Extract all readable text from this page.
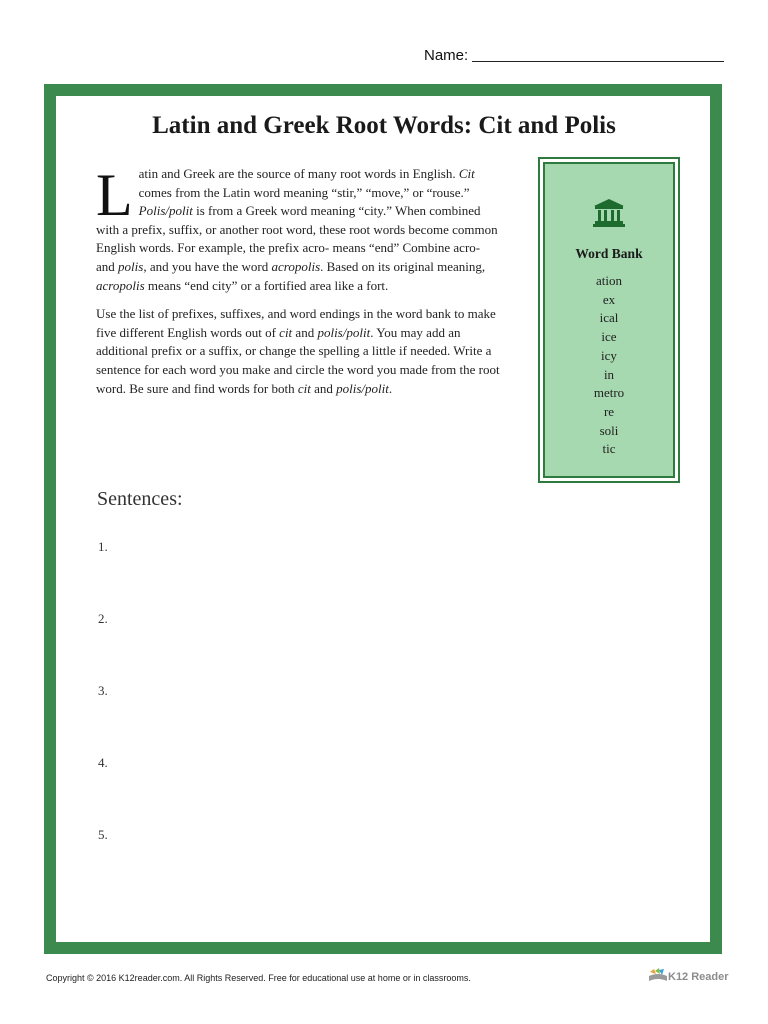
Name:
Latin and Greek Root Words: Cit and Polis

Latin and Greek are the source of many root words in English. Cit comes from the Latin word meaning “stir,” “move,” or “rouse.” Polis/polit is from a Greek word meaning “city.” When combined with a prefix, suffix, or another root word, these root words become common English words. For example, the prefix acro- means “end” Combine acro- and polis, and you have the word acropolis. Based on its original meaning, acropolis means “end city” or a fortified area like a fort.

Use the list of prefixes, suffixes, and word endings in the word bank to make five different English words out of cit and polis/polit. You may add an additional prefix or a suffix, or change the spelling a little if needed. Write a sentence for each word you make and circle the word you made from the root word. Be sure and find words for both cit and polis/polit.

Word Bank
ation
ex
ical
ice
icy
in
metro
re
soli
tic
Sentences:
1.
2.
3.
4.
5.
Copyright © 2016 K12reader.com. All Rights Reserved. Free for educational use at home or in classrooms.	K12 Reader
